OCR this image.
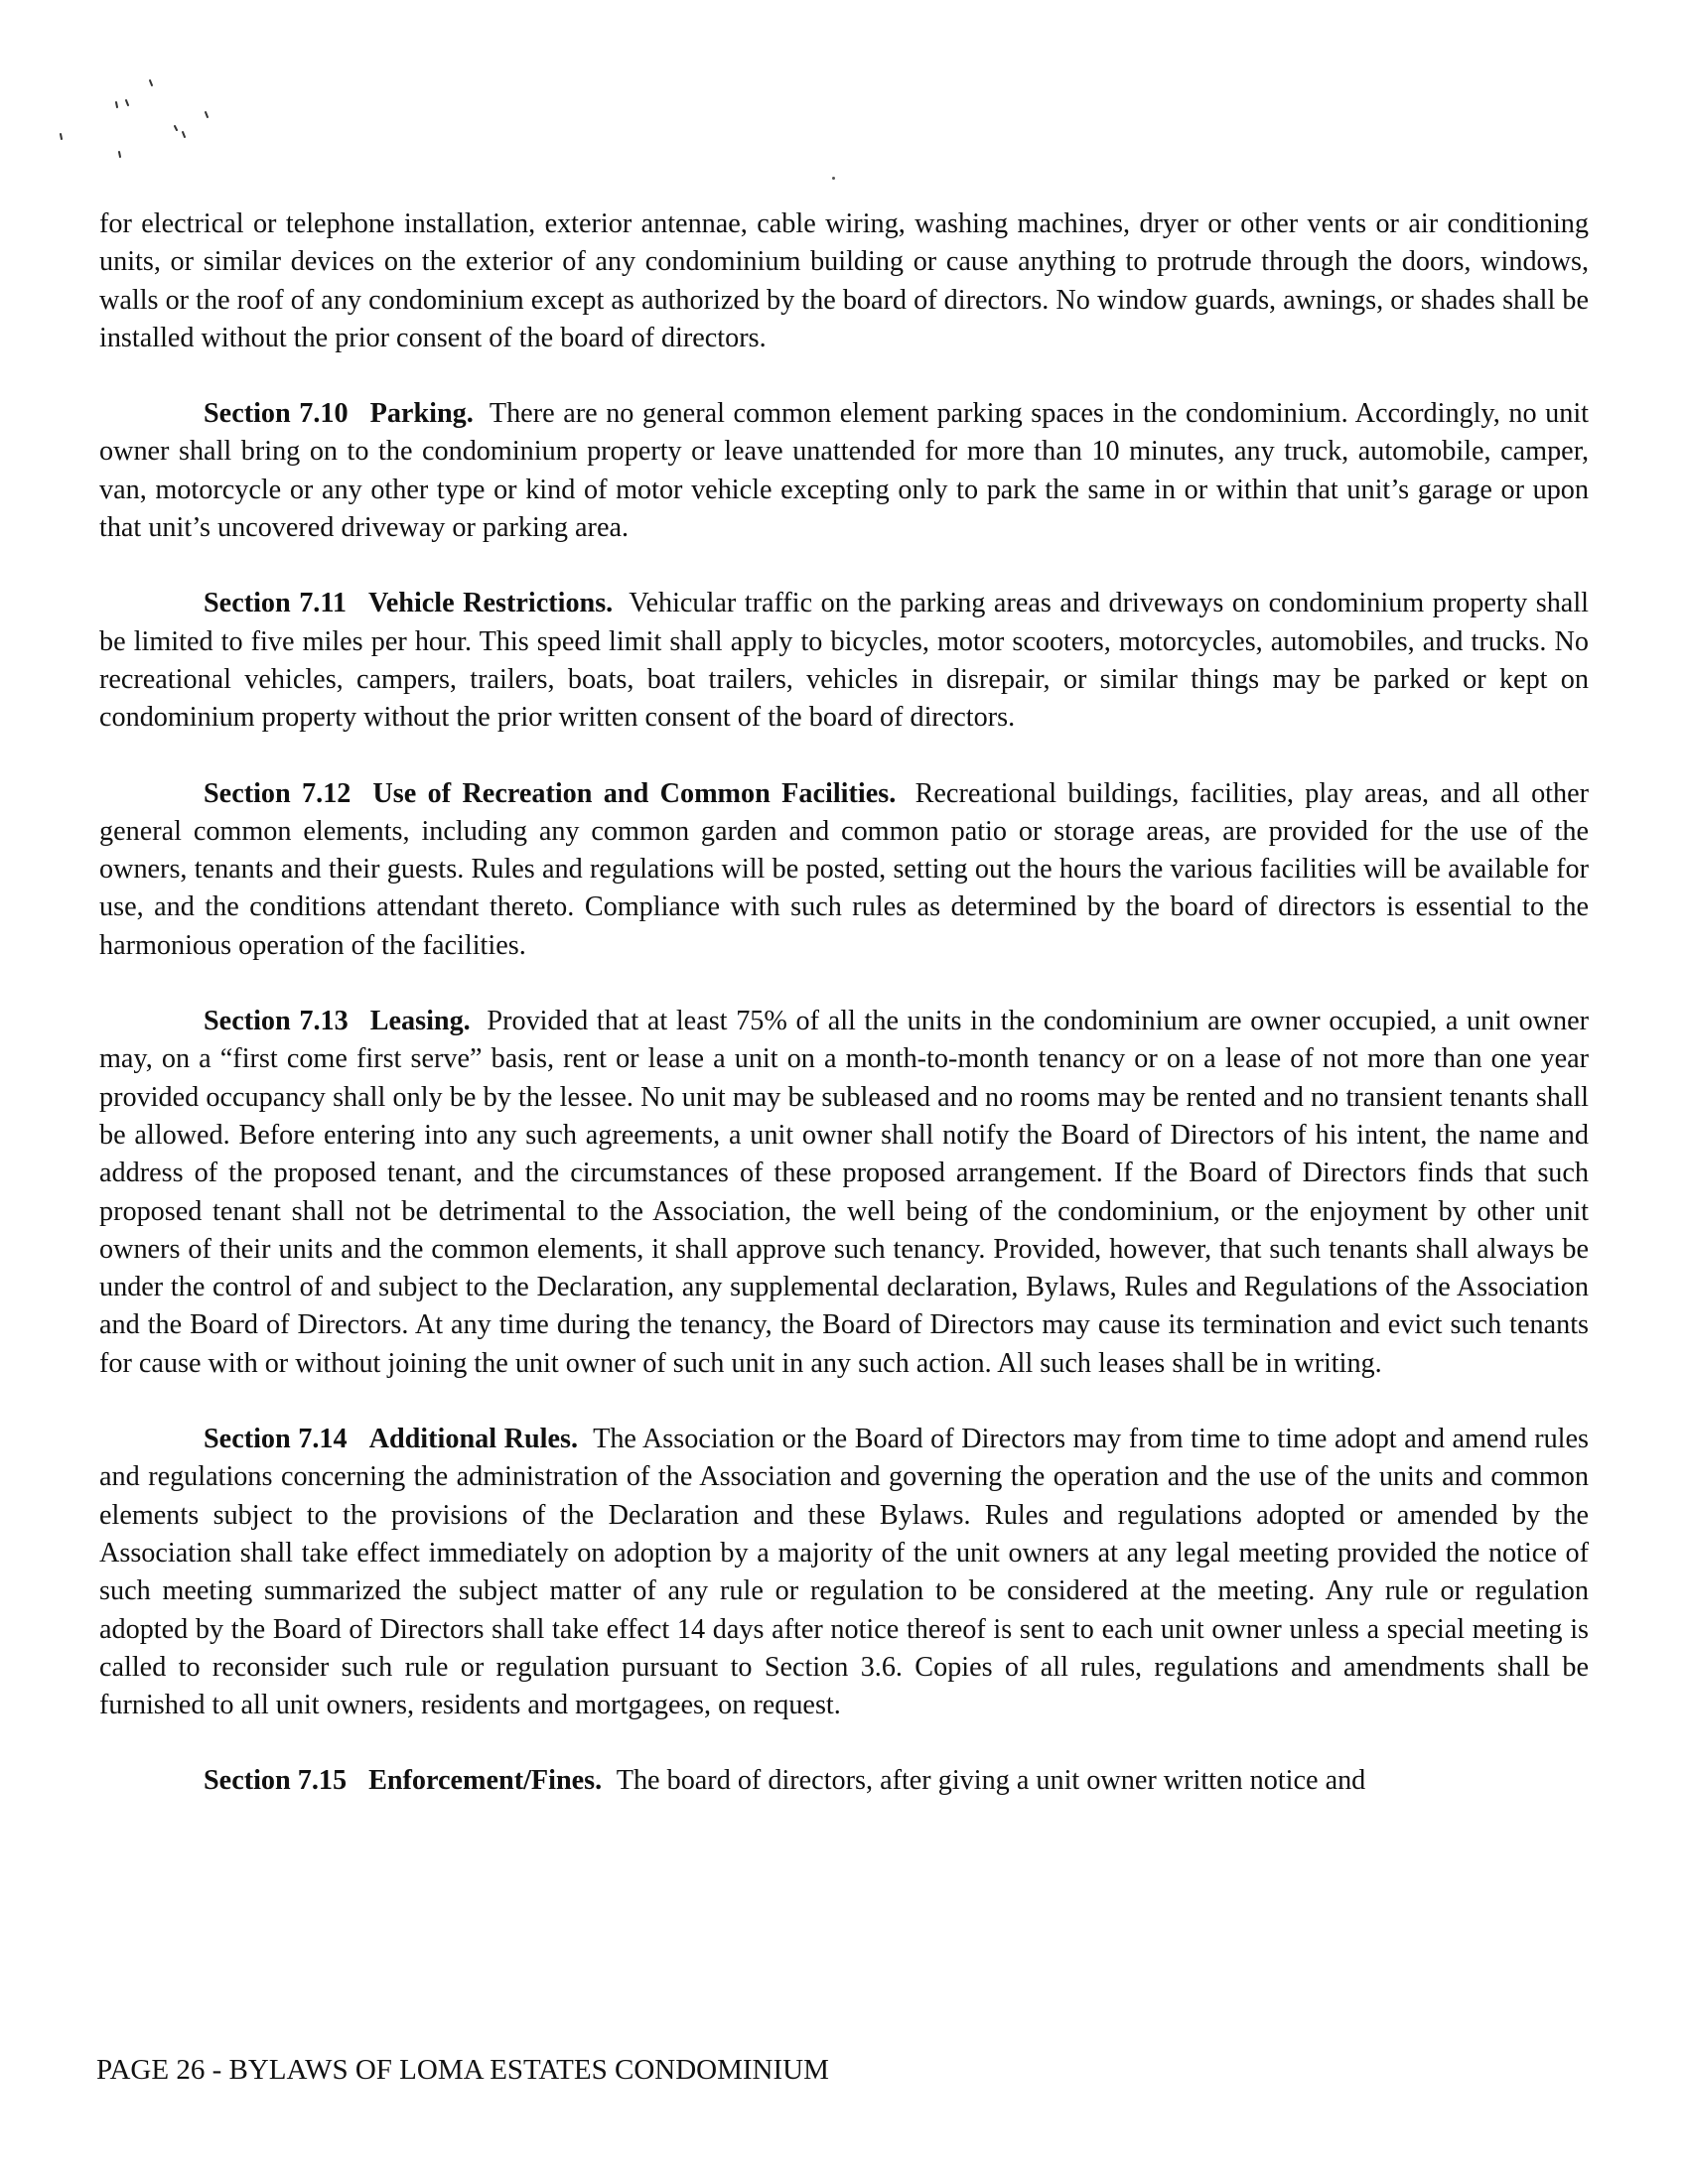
for electrical or telephone installation, exterior antennae, cable wiring, washing machines, dryer or other vents or air conditioning units, or similar devices on the exterior of any condominium building or cause anything to protrude through the doors, windows, walls or the roof of any condominium except as authorized by the board of directors. No window guards, awnings, or shades shall be installed without the prior consent of the board of directors.

Section 7.10 Parking. There are no general common element parking spaces in the condominium. Accordingly, no unit owner shall bring on to the condominium property or leave unattended for more than 10 minutes, any truck, automobile, camper, van, motorcycle or any other type or kind of motor vehicle excepting only to park the same in or within that unit’s garage or upon that unit’s uncovered driveway or parking area.

Section 7.11 Vehicle Restrictions. Vehicular traffic on the parking areas and driveways on condominium property shall be limited to five miles per hour. This speed limit shall apply to bicycles, motor scooters, motorcycles, automobiles, and trucks. No recreational vehicles, campers, trailers, boats, boat trailers, vehicles in disrepair, or similar things may be parked or kept on condominium property without the prior written consent of the board of directors.

Section 7.12 Use of Recreation and Common Facilities. Recreational buildings, facilities, play areas, and all other general common elements, including any common garden and common patio or storage areas, are provided for the use of the owners, tenants and their guests. Rules and regulations will be posted, setting out the hours the various facilities will be available for use, and the conditions attendant thereto. Compliance with such rules as determined by the board of directors is essential to the harmonious operation of the facilities.

Section 7.13 Leasing. Provided that at least 75% of all the units in the condominium are owner occupied, a unit owner may, on a “first come first serve” basis, rent or lease a unit on a month-to-month tenancy or on a lease of not more than one year provided occupancy shall only be by the lessee. No unit may be subleased and no rooms may be rented and no transient tenants shall be allowed. Before entering into any such agreements, a unit owner shall notify the Board of Directors of his intent, the name and address of the proposed tenant, and the circumstances of these proposed arrangement. If the Board of Directors finds that such proposed tenant shall not be detrimental to the Association, the well being of the condominium, or the enjoyment by other unit owners of their units and the common elements, it shall approve such tenancy. Provided, however, that such tenants shall always be under the control of and subject to the Declaration, any supplemental declaration, Bylaws, Rules and Regulations of the Association and the Board of Directors. At any time during the tenancy, the Board of Directors may cause its termination and evict such tenants for cause with or without joining the unit owner of such unit in any such action. All such leases shall be in writing.

Section 7.14 Additional Rules. The Association or the Board of Directors may from time to time adopt and amend rules and regulations concerning the administration of the Association and governing the operation and the use of the units and common elements subject to the provisions of the Declaration and these Bylaws. Rules and regulations adopted or amended by the Association shall take effect immediately on adoption by a majority of the unit owners at any legal meeting provided the notice of such meeting summarized the subject matter of any rule or regulation to be considered at the meeting. Any rule or regulation adopted by the Board of Directors shall take effect 14 days after notice thereof is sent to each unit owner unless a special meeting is called to reconsider such rule or regulation pursuant to Section 3.6. Copies of all rules, regulations and amendments shall be furnished to all unit owners, residents and mortgagees, on request.

Section 7.15 Enforcement/Fines. The board of directors, after giving a unit owner written notice and

PAGE 26 - BYLAWS OF LOMA ESTATES CONDOMINIUM
